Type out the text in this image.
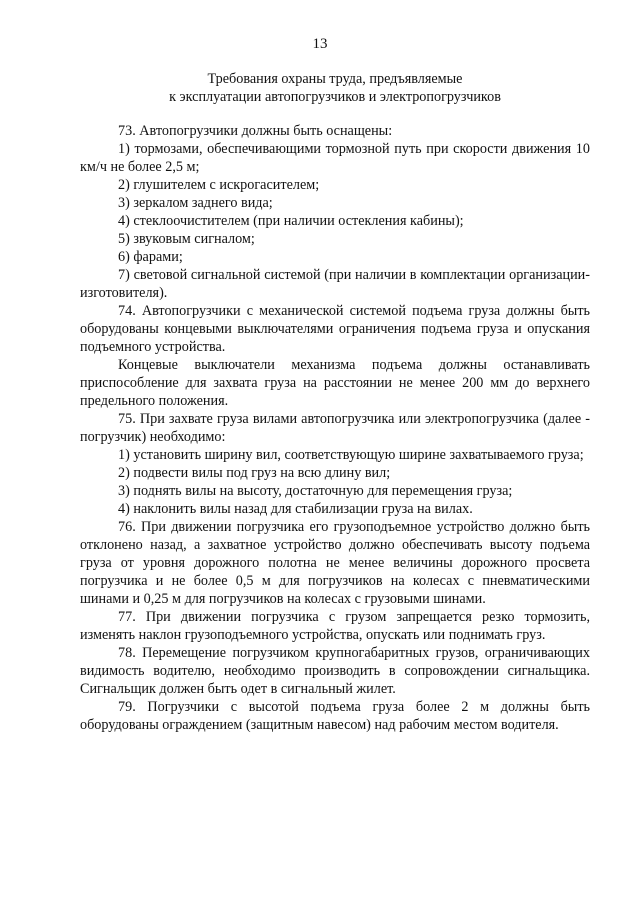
13
Требования охраны труда, предъявляемые
к эксплуатации автопогрузчиков и электропогрузчиков

73. Автопогрузчики должны быть оснащены:

1) тормозами, обеспечивающими тормозной путь при скорости движения 10 км/ч не более 2,5 м;

2) глушителем с искрогасителем;

3) зеркалом заднего вида;

4) стеклоочистителем (при наличии остекления кабины);

5) звуковым сигналом;

6) фарами;

7) световой сигнальной системой (при наличии в комплектации организации-изготовителя).

74. Автопогрузчики с механической системой подъема груза должны быть оборудованы концевыми выключателями ограничения подъема груза и опускания подъемного устройства.

Концевые выключатели механизма подъема должны останавливать приспособление для захвата груза на расстоянии не менее 200 мм до верхнего предельного положения.

75. При захвате груза вилами автопогрузчика или электропогрузчика (далее - погрузчик) необходимо:

1) установить ширину вил, соответствующую ширине захватываемого груза;

2) подвести вилы под груз на всю длину вил;

3) поднять вилы на высоту, достаточную для перемещения груза;

4) наклонить вилы назад для стабилизации груза на вилах.

76. При движении погрузчика его грузоподъемное устройство должно быть отклонено назад, а захватное устройство должно обеспечивать высоту подъема груза от уровня дорожного полотна не менее величины дорожного просвета погрузчика и не более 0,5 м для погрузчиков на колесах с пневматическими шинами и 0,25 м для погрузчиков на колесах с грузовыми шинами.

77. При движении погрузчика с грузом запрещается резко тормозить, изменять наклон грузоподъемного устройства, опускать или поднимать груз.

78. Перемещение погрузчиком крупногабаритных грузов, ограничивающих видимость водителю, необходимо производить в сопровождении сигнальщика. Сигнальщик должен быть одет в сигнальный жилет.

79. Погрузчики с высотой подъема груза более 2 м должны быть оборудованы ограждением (защитным навесом) над рабочим местом водителя.
